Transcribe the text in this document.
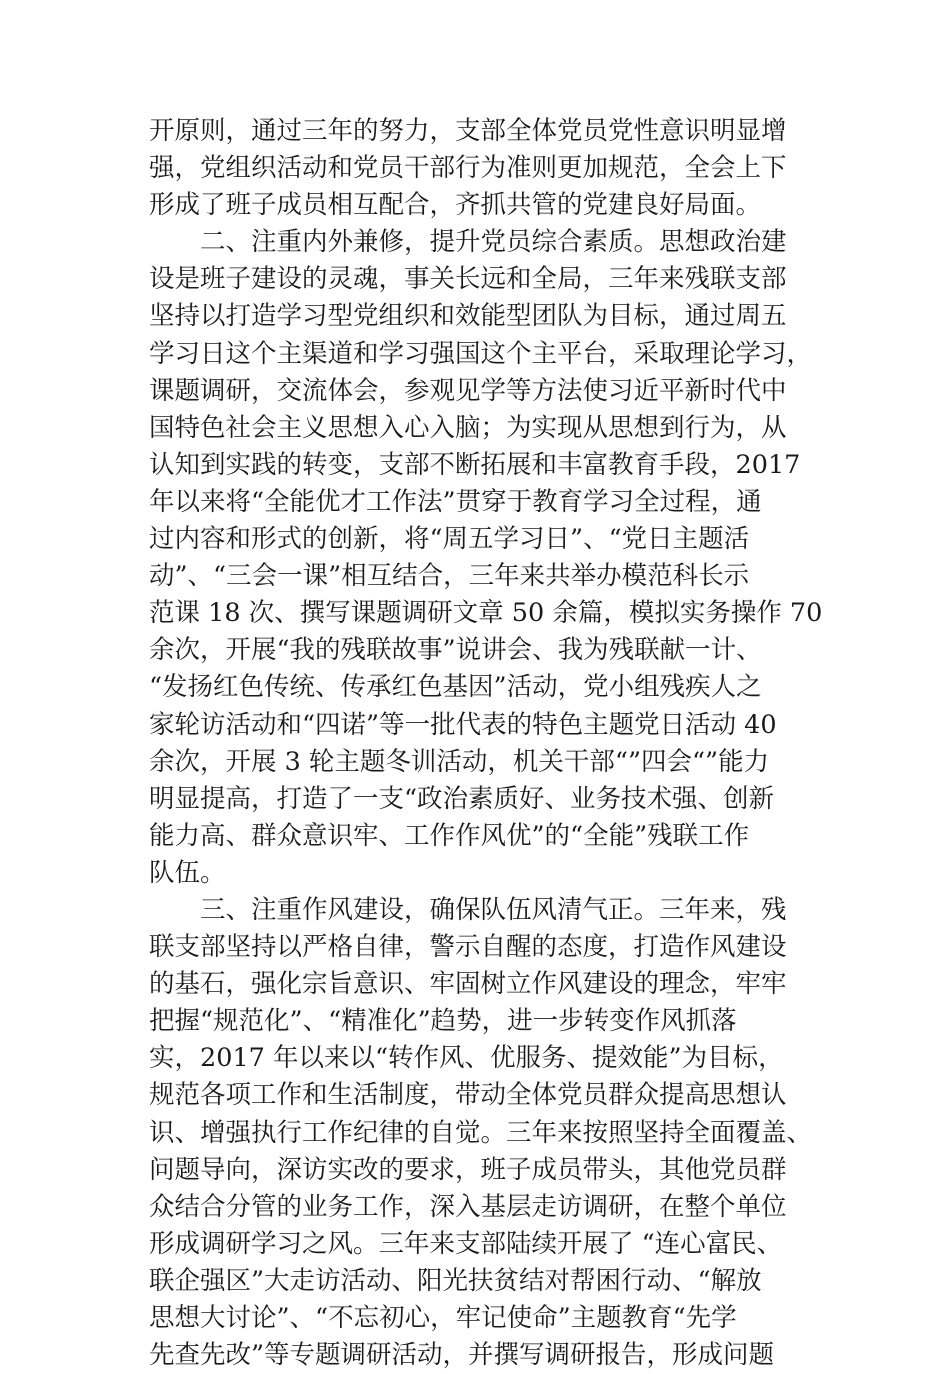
开原则，通过三年的努力，支部全体党员党性意识明显增
强，党组织活动和党员干部行为准则更加规范，全会上下
形成了班子成员相互配合，齐抓共管的党建良好局面。
　　二、注重内外兼修，提升党员综合素质。思想政治建
设是班子建设的灵魂，事关长远和全局，三年来残联支部
坚持以打造学习型党组织和效能型团队为目标，通过周五
学习日这个主渠道和学习强国这个主平台，采取理论学习，
课题调研，交流体会，参观见学等方法使习近平新时代中
国特色社会主义思想入心入脑；为实现从思想到行为，从
认知到实践的转变，支部不断拓展和丰富教育手段，2017
年以来将“全能优才工作法”贯穿于教育学习全过程，通
过内容和形式的创新，将“周五学习日”、“党日主题活
动”、“三会一课”相互结合，三年来共举办模范科长示
范课 18 次、撰写课题调研文章 50 余篇，模拟实务操作 70
余次，开展“我的残联故事”说讲会、我为残联献一计、
“发扬红色传统、传承红色基因”活动，党小组残疾人之
家轮访活动和“四诺”等一批代表的特色主题党日活动 40
余次，开展 3 轮主题冬训活动，机关干部“”四会“”能力
明显提高，打造了一支“政治素质好、业务技术强、创新
能力高、群众意识牢、工作作风优”的“全能”残联工作
队伍。
　　三、注重作风建设，确保队伍风清气正。三年来，残
联支部坚持以严格自律，警示自醒的态度，打造作风建设
的基石，强化宗旨意识、牢固树立作风建设的理念，牢牢
把握“规范化”、“精准化”趋势，进一步转变作风抓落
实，2017 年以来以“转作风、优服务、提效能”为目标，
规范各项工作和生活制度，带动全体党员群众提高思想认
识、增强执行工作纪律的自觉。三年来按照坚持全面覆盖、
问题导向，深访实改的要求，班子成员带头，其他党员群
众结合分管的业务工作，深入基层走访调研，在整个单位
形成调研学习之风。三年来支部陆续开展了 “连心富民、
联企强区”大走访活动、阳光扶贫结对帮困行动、“解放
思想大讨论”、“不忘初心，牢记使命”主题教育“先学
先查先改”等专题调研活动，并撰写调研报告，形成问题
